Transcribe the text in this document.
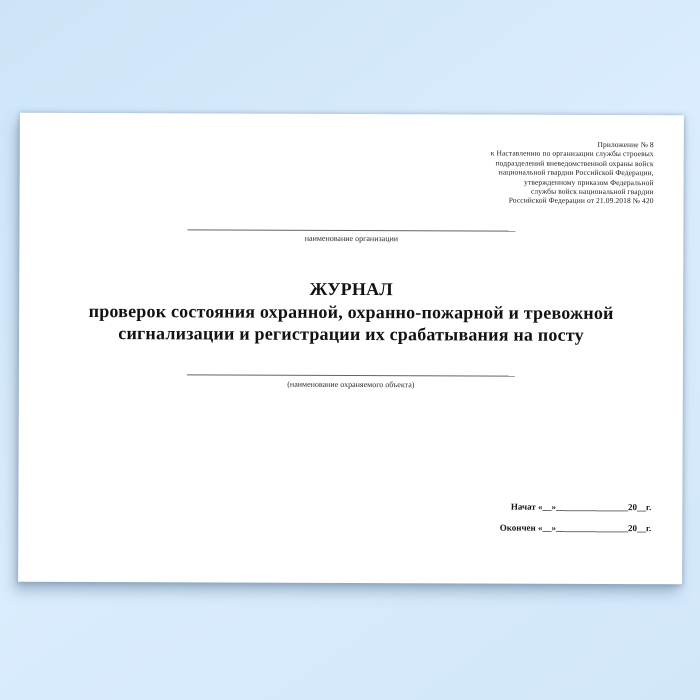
Приложение № 8
к Наставлению по организации службы строевых
подразделений вневедомственной охраны войск
национальной гвардии Российской Федерации,
утвержденному приказом Федеральной
службы войск национальной гвардии
Российской Федерации от 21.09.2018 № 420
наименование организации
ЖУРНАЛ
проверок состояния охранной, охранно-пожарной и тревожной
сигнализации и регистрации их срабатывания на посту
(наименование охраняемого объекта)
Начат «__»________________20__г.
Окончен «__»________________20__г.
